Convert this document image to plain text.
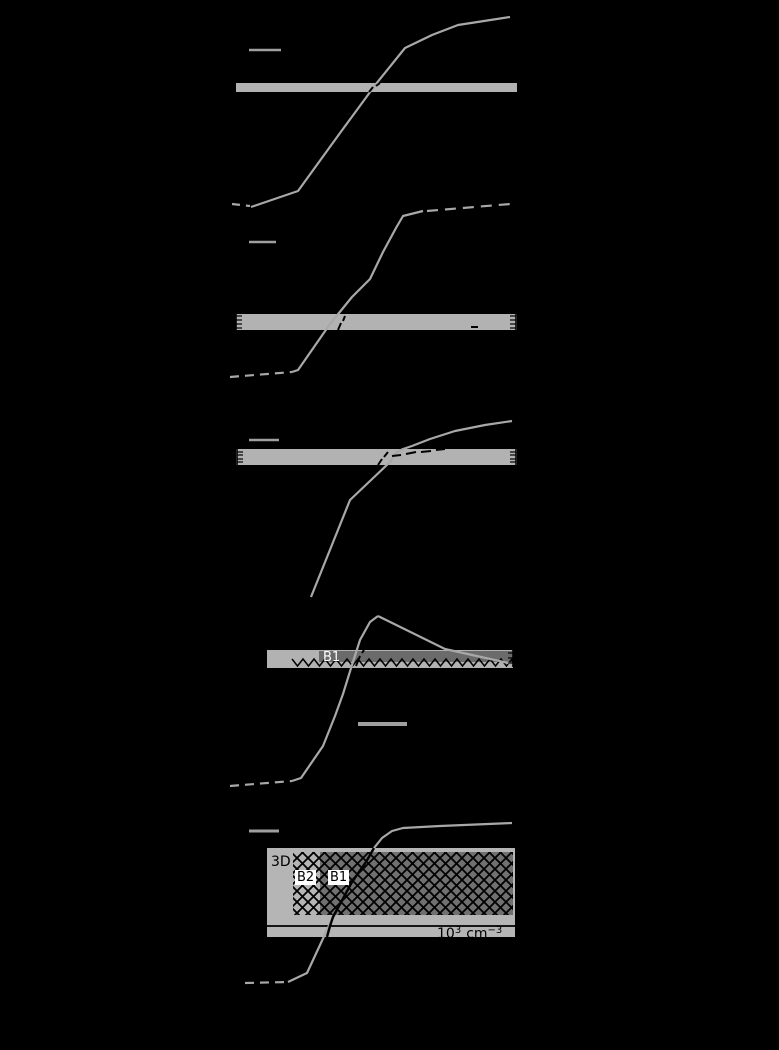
B1
3D
B2 B1
$10^3$ $cm^{-3}$
